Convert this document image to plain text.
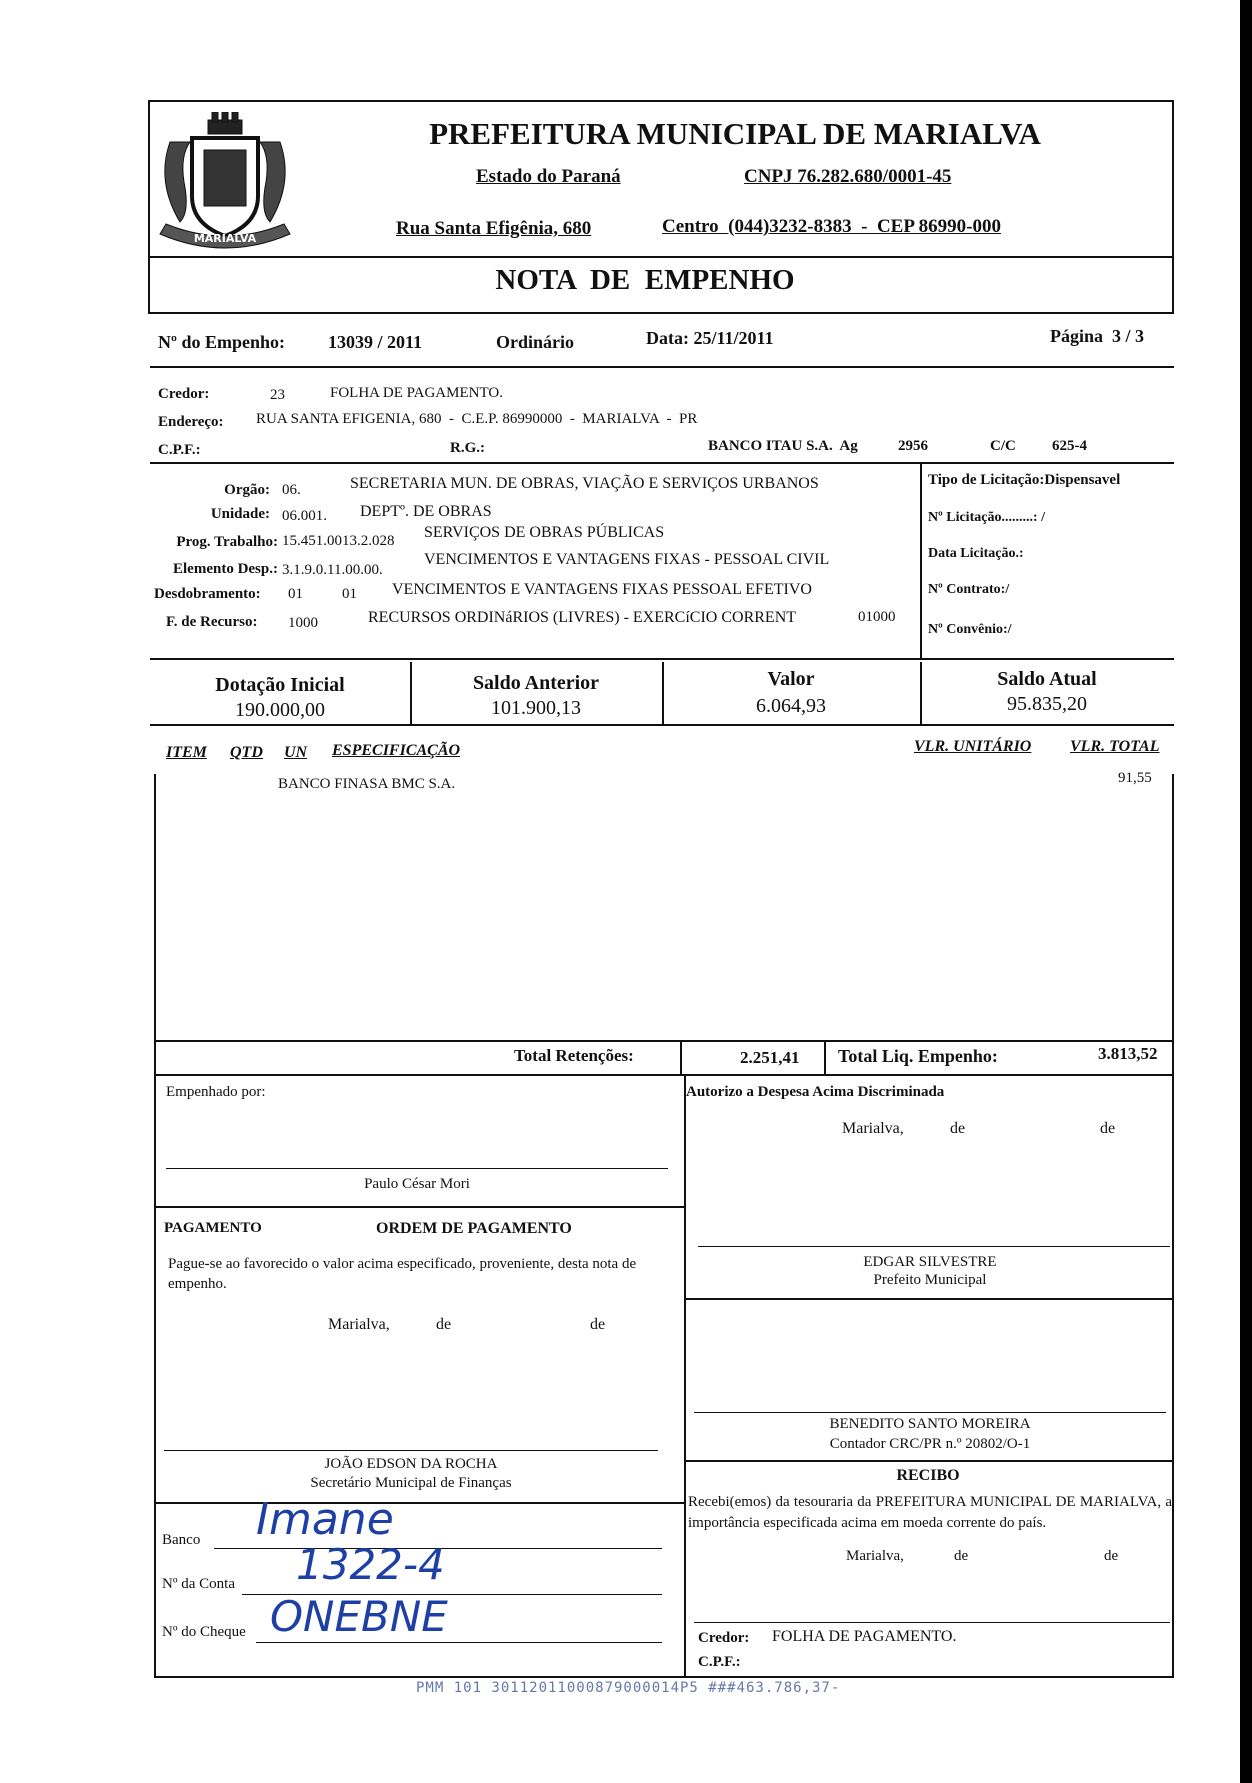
MARIALVA
PREFEITURA MUNICIPAL DE MARIALVA
Estado do Paraná	CNPJ 76.282.680/0001-45
Rua Santa Efigênia, 680	Centro  (044)3232-8383  -  CEP 86990-000
NOTA  DE  EMPENHO
Nº do Empenho: 13039 / 2011	Ordinário	Data: 25/11/2011	Página  3 / 3
Credor:	23	FOLHA DE PAGAMENTO.
Endereço: RUA SANTA EFIGENIA, 680  -  C.E.P. 86990000  -  MARIALVA  -  PR
C.P.F.:	R.G.:	BANCO ITAU S.A.  Ag	2956	C/C 625-4
Orgão: 06.	SECRETARIA MUN. DE OBRAS, VIAÇÃO E SERVIÇOS URBANOS
Unidade: 06.001. DEPTº. DE OBRAS
Prog. Trabalho: 15.451.0013.2.028 SERVIÇOS DE OBRAS PÚBLICAS
Elemento Desp.: 3.1.9.0.11.00.00.
VENCIMENTOS E VANTAGENS FIXAS - PESSOAL CIVIL
Desdobramento: 01	01 VENCIMENTOS E VANTAGENS FIXAS PESSOAL EFETIVO
F. de Recurso: 1000	RECURSOS ORDINáRIOS (LIVRES) - EXERCíCIO CORRENT	01000
Tipo de Licitação:Dispensavel
Nº Licitação.........: /
Data Licitação.:
Nº Contrato:/
Nº Convênio:/
Dotação Inicial
190.000,00
Saldo Anterior
101.900,13
Valor
6.064,93
Saldo Atual
95.835,20
ITEM QTD UN ESPECIFICAÇÃO	VLR. UNITÁRIO VLR. TOTAL
BANCO FINASA BMC S.A.	91,55
Total Retenções:	2.251,41 Total Liq. Empenho:	3.813,52
Empenhado por:
Paulo César Mori
PAGAMENTO	ORDEM DE PAGAMENTO
Pague-se ao favorecido o valor acima especificado, proveniente, desta nota de empenho.
Marialva,	de	de
JOÃO EDSON DA ROCHA
Secretário Municipal de Finanças
Banco Imane
Nº da Conta 1322-4
Nº do Cheque ONEBNE
Autorizo a Despesa Acima Discriminada
Marialva,	de	de
EDGAR SILVESTRE
Prefeito Municipal
BENEDITO SANTO MOREIRA
Contador CRC/PR n.º 20802/O-1
RECIBO
Recebi(emos) da tesouraria da PREFEITURA MUNICIPAL DE MARIALVA, a importância especificada acima em moeda corrente do país.
Marialva,	de	de
Credor: FOLHA DE PAGAMENTO.
C.P.F.:
PMM 101 30112011000879000014P5 ###463.786,37-
